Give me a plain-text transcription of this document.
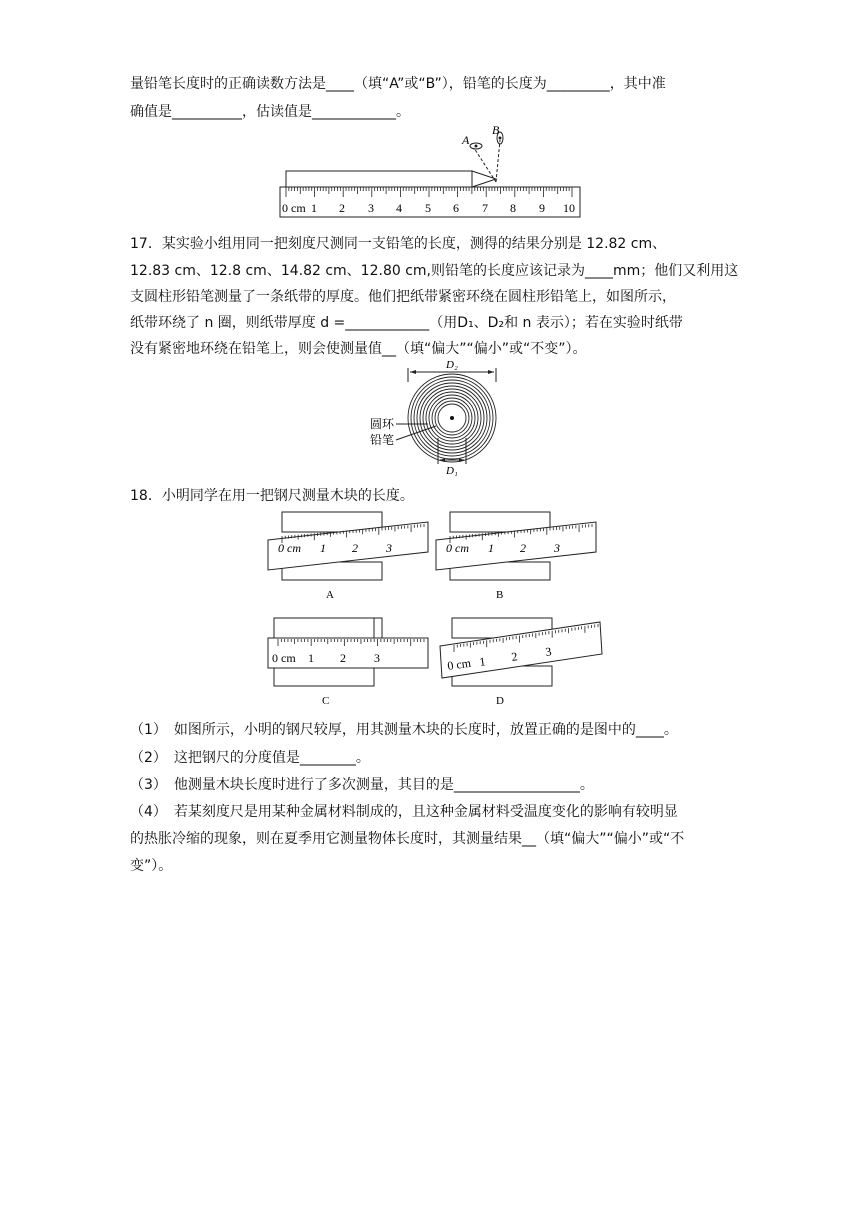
量铅笔长度时的正确读数方法是____（填“A”或“B”），铅笔的长度为_________，其中准
确值是__________，估读值是____________。
0 cm 1 2 3 4 5 6 7 8 9 10
A
B
17．某实验小组用同一把刻度尺测同一支铅笔的长度，测得的结果分别是 12.82 cm、
12.83 cm、12.8 cm、14.82 cm、12.80 cm,则铅笔的长度应该记录为____mm；他们又利用这
支圆柱形铅笔测量了一条纸带的厚度。他们把纸带紧密环绕在圆柱形铅笔上，如图所示，
纸带环绕了 n 圈，则纸带厚度 d =____________（用D₁、D₂和 n 表示）；若在实验时纸带
没有紧密地环绕在铅笔上，则会使测量值__（填“偏大”“偏小”或“不变”）。
D₂
D₁
圆环
铅笔
18．小明同学在用一把钢尺测量木块的长度。
0 cm 1 2 3
A
0 cm 1 2 3
B
0 cm 1 2 3
C
0 cm 1 2 3
D
（1）　如图所示，小明的钢尺较厚，用其测量木块的长度时，放置正确的是图中的____。
（2）　这把钢尺的分度值是________。
（3）　他测量木块长度时进行了多次测量，其目的是__________________。
（4）　若某刻度尺是用某种金属材料制成的，且这种金属材料受温度变化的影响有较明显
的热胀冷缩的现象，则在夏季用它测量物体长度时，其测量结果__（填“偏大”“偏小”或“不
变”）。
